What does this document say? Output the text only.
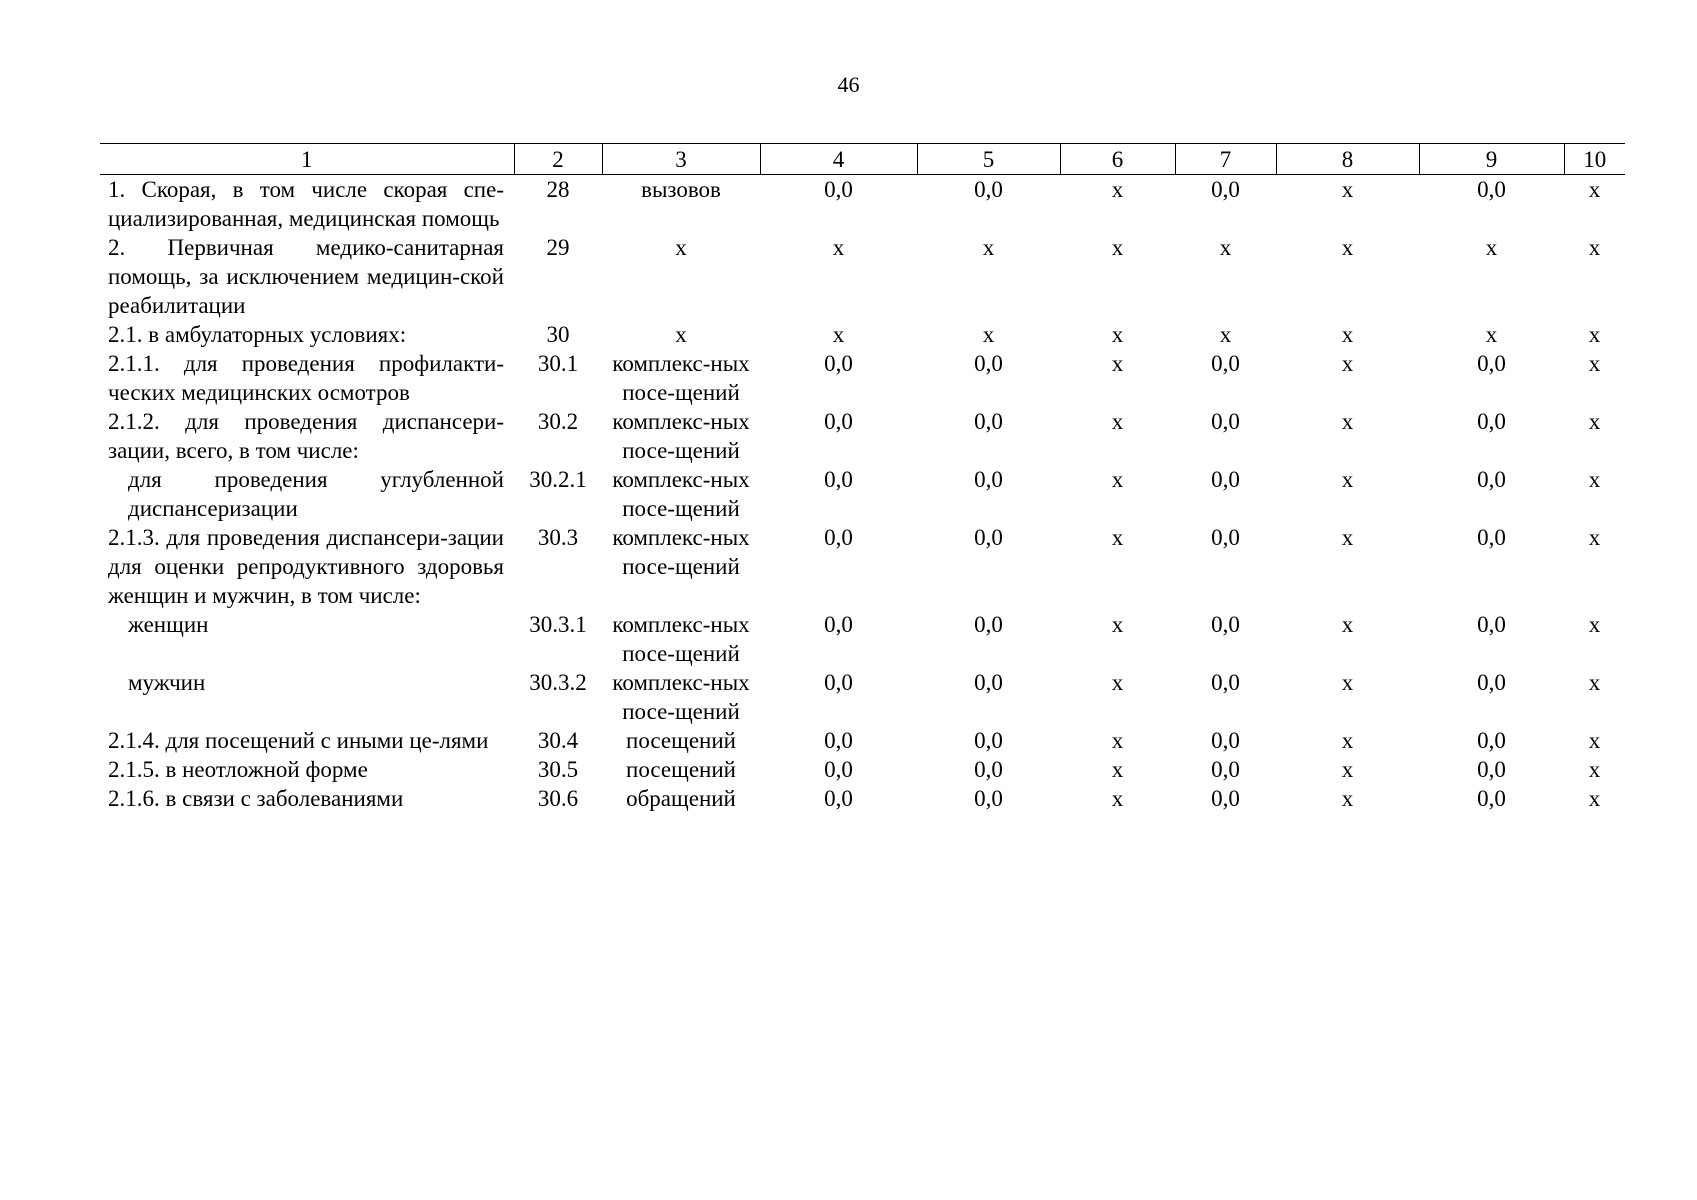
46
1	2	3	4	5	6	7	8	9	10
1. Скорая, в том числе скорая спе-циализированная, медицинская помощь	28	вызовов	0,0	0,0	х	0,0	х	0,0	х
2. Первичная медико-санитарная помощь, за исключением медицин-ской реабилитации	29	х	х	х	х	х	х	х	х
2.1. в амбулаторных условиях:	30	х	х	х	х	х	х	х	х
2.1.1. для проведения профилакти-ческих медицинских осмотров	30.1	комплекс-ных посе-щений	0,0	0,0	х	0,0	х	0,0	х
2.1.2. для проведения диспансери-зации, всего, в том числе:	30.2	комплекс-ных посе-щений	0,0	0,0	х	0,0	х	0,0	х
для проведения углубленной диспансеризации	30.2.1	комплекс-ных посе-щений	0,0	0,0	х	0,0	х	0,0	х
2.1.3. для проведения диспансери-зации для оценки репродуктивного здоровья женщин и мужчин, в том числе:	30.3	комплекс-ных посе-щений	0,0	0,0	х	0,0	х	0,0	х
женщин	30.3.1	комплекс-ных посе-щений	0,0	0,0	х	0,0	х	0,0	х
мужчин	30.3.2	комплекс-ных посе-щений	0,0	0,0	х	0,0	х	0,0	х
2.1.4. для посещений с иными це-лями	30.4	посещений	0,0	0,0	х	0,0	х	0,0	х
2.1.5. в неотложной форме	30.5	посещений	0,0	0,0	х	0,0	х	0,0	х
2.1.6. в связи с заболеваниями	30.6	обращений	0,0	0,0	х	0,0	х	0,0	х
